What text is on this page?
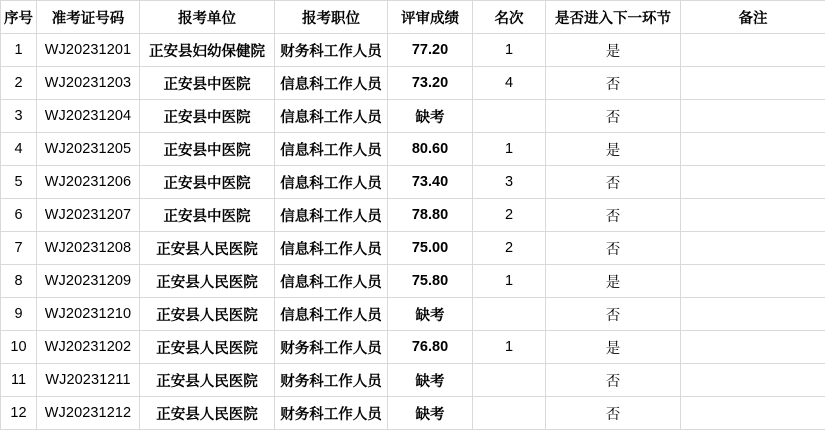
序号	准考证号码	报考单位	报考职位	评审成绩	名次	是否进入下一环节	备注
1	WJ20231201	正安县妇幼保健院	财务科工作人员	77.20	1	是	
2	WJ20231203	正安县中医院	信息科工作人员	73.20	4	否	
3	WJ20231204	正安县中医院	信息科工作人员	缺考		否	
4	WJ20231205	正安县中医院	信息科工作人员	80.60	1	是	
5	WJ20231206	正安县中医院	信息科工作人员	73.40	3	否	
6	WJ20231207	正安县中医院	信息科工作人员	78.80	2	否	
7	WJ20231208	正安县人民医院	信息科工作人员	75.00	2	否	
8	WJ20231209	正安县人民医院	信息科工作人员	75.80	1	是	
9	WJ20231210	正安县人民医院	信息科工作人员	缺考		否	
10	WJ20231202	正安县人民医院	财务科工作人员	76.80	1	是	
11	WJ20231211	正安县人民医院	财务科工作人员	缺考		否	
12	WJ20231212	正安县人民医院	财务科工作人员	缺考		否	
